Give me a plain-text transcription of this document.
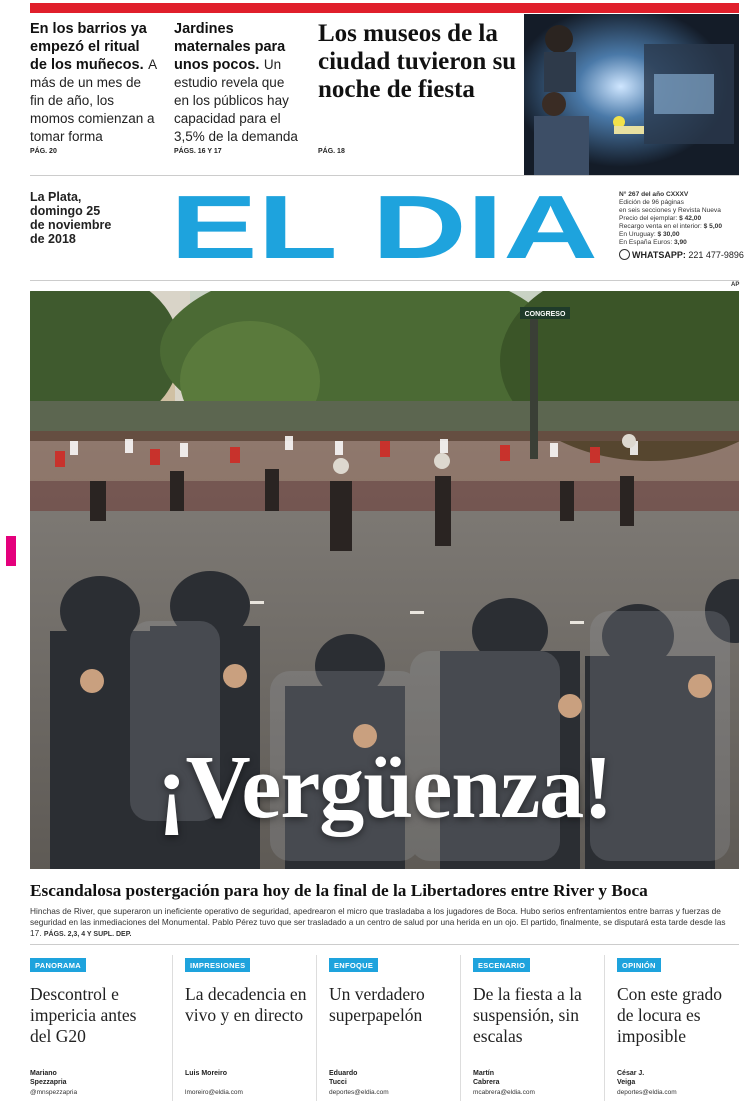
En los barrios ya empezó el ritual de los muñecos. A más de un mes de fin de año, los momos comienzan a tomar forma
PÁG. 20
Jardines maternales para unos pocos. Un estudio revela que en los públicos hay capacidad para el 3,5% de la demanda
PÁGS. 16 Y 17
Los museos de la ciudad tuvieron su noche de fiesta
PÁG. 18
La Plata,
domingo 25
de noviembre
de 2018	EL DIA	N° 267 del año CXXXV
Edición de 96 páginas
en seis secciones y Revista Nueva
Precio del ejemplar: $ 42,00
Recargo venta en el interior: $ 5,00
En Uruguay: $ 30,00
En España Euros: 3,90
WHATSAPP: 221 477-9896
AP
CONGRESO
¡Vergüenza!
Escandalosa postergación para hoy de la final de la Libertadores entre River y Boca
Hinchas de River, que superaron un ineficiente operativo de seguridad, apedrearon el micro que trasladaba a los jugadores de Boca. Hubo serios enfrentamientos entre barras y fuerzas de seguridad en las inmediaciones del Monumental. Pablo Pérez tuvo que ser trasladado a un centro de salud por una herida en un ojo. El partido, finalmente, se disputará esta tarde desde las 17. PÁGS. 2,3, 4 Y SUPL. DEP.
PANORAMA
Descontrol e impericia antes del G20
Mariano Spezzapria
@mnspezzapria
IMPRESIONES
La decadencia en vivo y en directo
Luis Moreiro
lmoreiro@eldia.com
ENFOQUE
Un verdadero superpapelón
Eduardo Tucci
deportes@eldia.com
ESCENARIO
De la fiesta a la suspensión, sin escalas
Martín Cabrera
mcabrera@eldia.com
OPINIÓN
Con este grado de locura es imposible
César J. Veiga
deportes@eldia.com
